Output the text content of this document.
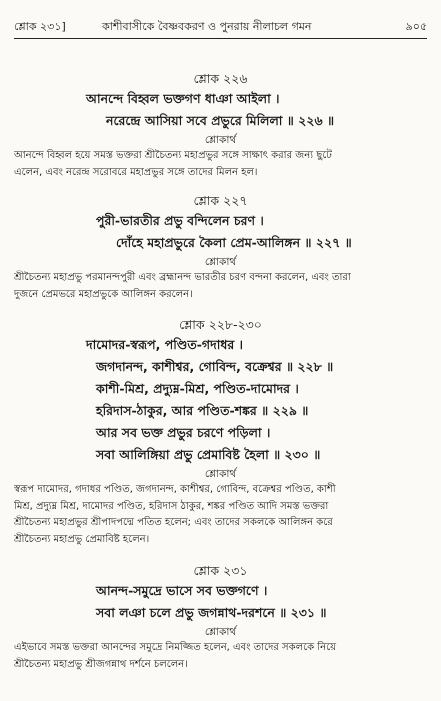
শ্লোক ২৩১]	কাশীবাসীকে বৈষ্ণবকরণ ও পুনরায় নীলাচল গমন	৯০৫
শ্লোক ২২৬
আনন্দে বিহ্বল ভক্তগণ ধাঞা আইলা ।
নরেন্দ্রে আসিয়া সবে প্রভুরে মিলিলা ॥ ২২৬ ॥
শ্লোকার্থ
আনন্দে বিহ্বল হয়ে সমস্ত ভক্তরা শ্রীচৈতন্য মহাপ্রভুর সঙ্গে সাক্ষাৎ করার জন্য ছুটে
এলেন, এবং নরেন্দ্র সরোবরে মহাপ্রভুর সঙ্গে তাদের মিলন হল।
শ্লোক ২২৭
পুরী-ভারতীর প্রভু বন্দিলেন চরণ ।
দোঁহে মহাপ্রভুরে কৈলা প্রেম-আলিঙ্গন ॥ ২২৭ ॥
শ্লোকার্থ
শ্রীচৈতন্য মহাপ্রভু পরমানন্দপুরী এবং ব্রহ্মানন্দ ভারতীর চরণ বন্দনা করলেন, এবং তারা
দুজনে প্রেমভরে মহাপ্রভুকে আলিঙ্গন করলেন।
শ্লোক ২২৮-২৩০
দামোদর-স্বরূপ, পণ্ডিত-গদাধর ।
জগদানন্দ, কাশীশ্বর, গোবিন্দ, বক্রেশ্বর ॥ ২২৮ ॥
কাশী-মিশ্র, প্রদ্যুম্ন-মিশ্র, পণ্ডিত-দামোদর ।
হরিদাস-ঠাকুর, আর পণ্ডিত-শঙ্কর ॥ ২২৯ ॥
আর সব ভক্ত প্রভুর চরণে পড়িলা ।
সবা আলিঙ্গিয়া প্রভু প্রেমাবিষ্ট হৈলা ॥ ২৩০ ॥
শ্লোকার্থ
স্বরূপ দামোদর, গদাধর পণ্ডিত, জগদানন্দ, কাশীশ্বর, গোবিন্দ, বক্রেশ্বর পণ্ডিত, কাশী
মিশ্র, প্রদ্যুম্ন মিশ্র, দামোদর পণ্ডিত, হরিদাস ঠাকুর, শঙ্কর পণ্ডিত আদি সমস্ত ভক্তরা
শ্রীচৈতন্য মহাপ্রভুর শ্রীপাদপদ্মে পতিত হলেন; এবং তাদের সকলকে আলিঙ্গন করে
শ্রীচৈতন্য মহাপ্রভু প্রেমাবিষ্ট হলেন।
শ্লোক ২৩১
আনন্দ-সমুদ্রে ভাসে সব ভক্তগণে ।
সবা লঞা চলে প্রভু জগন্নাথ-দরশনে ॥ ২৩১ ॥
শ্লোকার্থ
এইভাবে সমস্ত ভক্তরা আনন্দের সমুদ্রে নিমজ্জিত হলেন, এবং তাদের সকলকে নিয়ে
শ্রীচৈতন্য মহাপ্রভু শ্রীজগন্নাথ দর্শনে চললেন।
